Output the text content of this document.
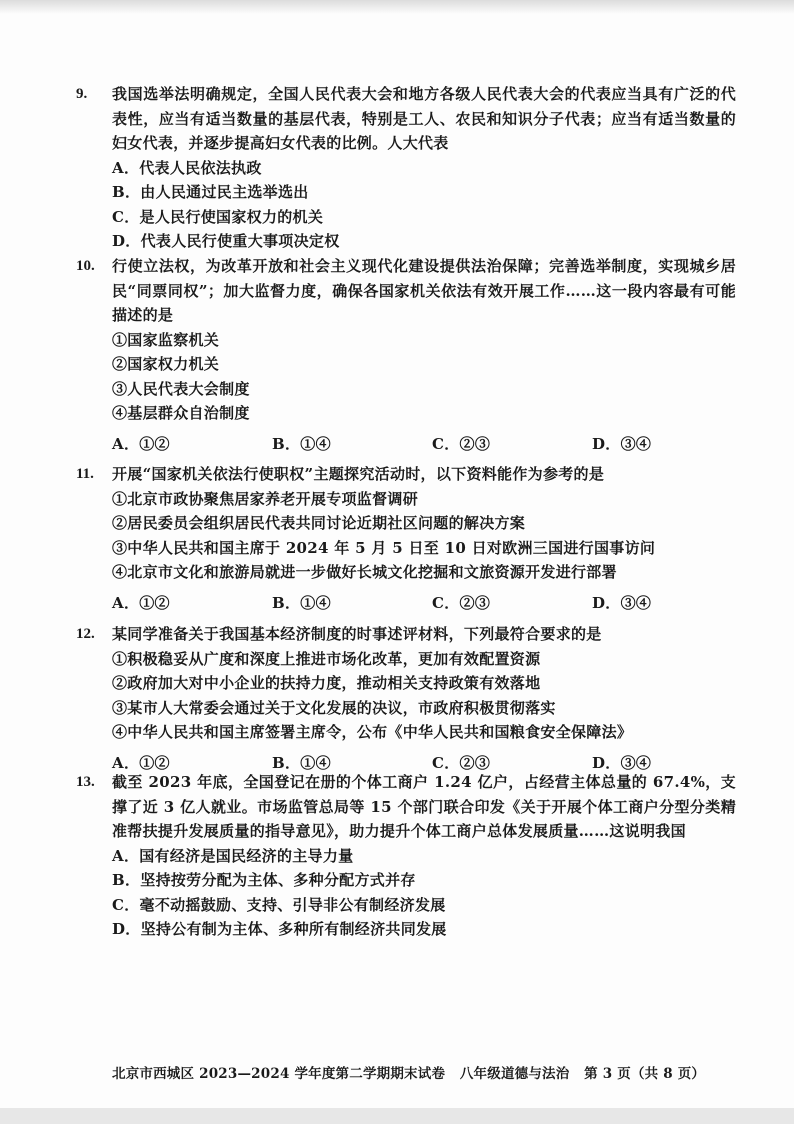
9. 我国选举法明确规定，全国人民代表大会和地方各级人民代表大会的代表应当具有广泛的代表性，应当有适当数量的基层代表，特别是工人、农民和知识分子代表；应当有适当数量的妇女代表，并逐步提高妇女代表的比例。人大代表
A．代表人民依法执政
B．由人民通过民主选举选出
C．是人民行使国家权力的机关
D．代表人民行使重大事项决定权
10. 行使立法权，为改革开放和社会主义现代化建设提供法治保障；完善选举制度，实现城乡居民“同票同权”；加大监督力度，确保各国家机关依法有效开展工作……这一段内容最有可能描述的是
①国家监察机关
②国家权力机关
③人民代表大会制度
④基层群众自治制度
A．①②	B．①④	C．②③	D．③④
11. 开展“国家机关依法行使职权”主题探究活动时，以下资料能作为参考的是
①北京市政协聚焦居家养老开展专项监督调研
②居民委员会组织居民代表共同讨论近期社区问题的解决方案
③中华人民共和国主席于 2024 年 5 月 5 日至 10 日对欧洲三国进行国事访问
④北京市文化和旅游局就进一步做好长城文化挖掘和文旅资源开发进行部署
A．①②	B．①④	C．②③	D．③④
12. 某同学准备关于我国基本经济制度的时事述评材料，下列最符合要求的是
①积极稳妥从广度和深度上推进市场化改革，更加有效配置资源
②政府加大对中小企业的扶持力度，推动相关支持政策有效落地
③某市人大常委会通过关于文化发展的决议，市政府积极贯彻落实
④中华人民共和国主席签署主席令，公布《中华人民共和国粮食安全保障法》
A．①②	B．①④	C．②③	D．③④
13. 截至 2023 年底，全国登记在册的个体工商户 1.24 亿户，占经营主体总量的 67.4%，支撑了近 3 亿人就业。市场监管总局等 15 个部门联合印发《关于开展个体工商户分型分类精准帮扶提升发展质量的指导意见》，助力提升个体工商户总体发展质量……这说明我国
A．国有经济是国民经济的主导力量
B．坚持按劳分配为主体、多种分配方式并存
C．毫不动摇鼓励、支持、引导非公有制经济发展
D．坚持公有制为主体、多种所有制经济共同发展
北京市西城区 2023—2024 学年度第二学期期末试卷   八年级道德与法治   第 3 页（共 8 页）
